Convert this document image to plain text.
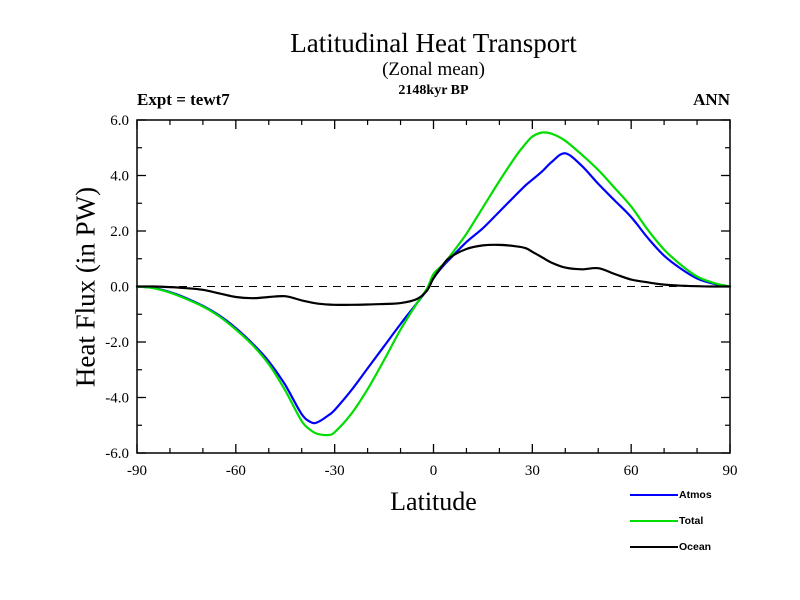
-90	-60	-30	0	30	60	90
-6.0
-4.0
-2.0
0.0
2.0
4.0
6.0
Latitudinal Heat Transport
(Zonal mean)
2148kyr BP
Expt = tewt7	ANN
Heat Flux (in PW)
Latitude	Atmos
Total
Ocean
